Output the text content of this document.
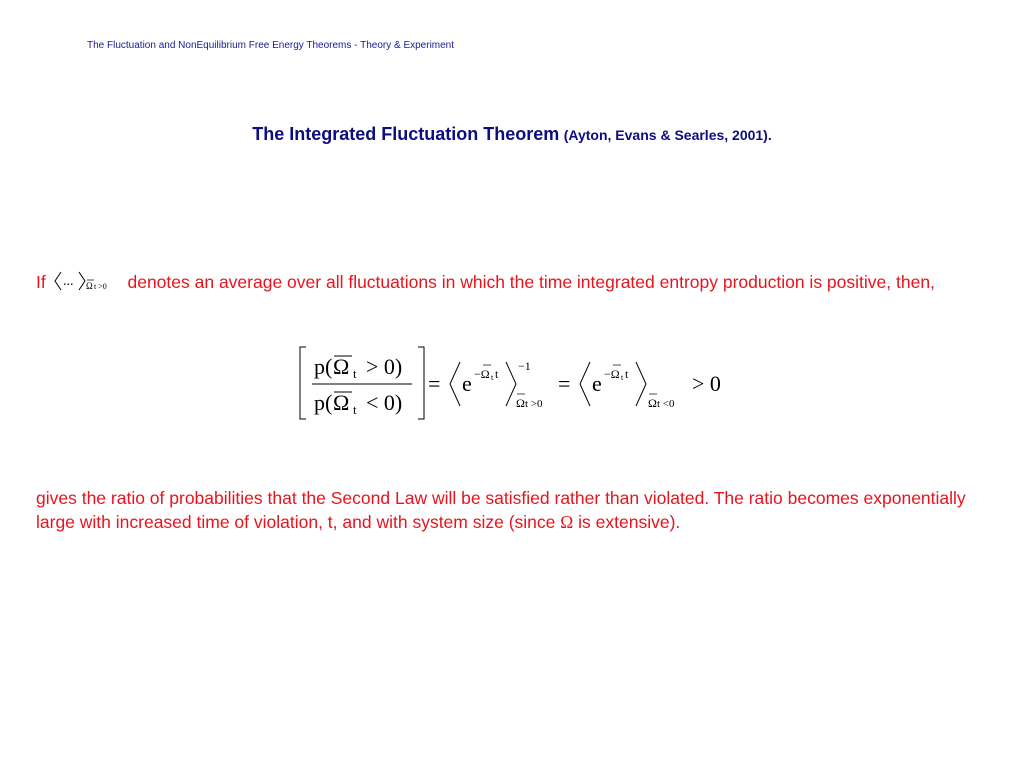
The Fluctuation and NonEquilibrium Free Energy Theorems - Theory & Experiment
The Integrated Fluctuation Theorem (Ayton, Evans & Searles, 2001).
If ... Ω t >0 denotes an average over all fluctuations in which the time integrated entropy production is positive, then,
p( Ω t > 0)
p( Ω t < 0)
= e −Ω t t
−1
Ω t >0
= e −Ω t t
Ω t <0
> 0
gives the ratio of probabilities that the Second Law will be satisfied rather than violated. The ratio becomes exponentially large with increased time of violation, t, and with system size (since Ω is extensive).
